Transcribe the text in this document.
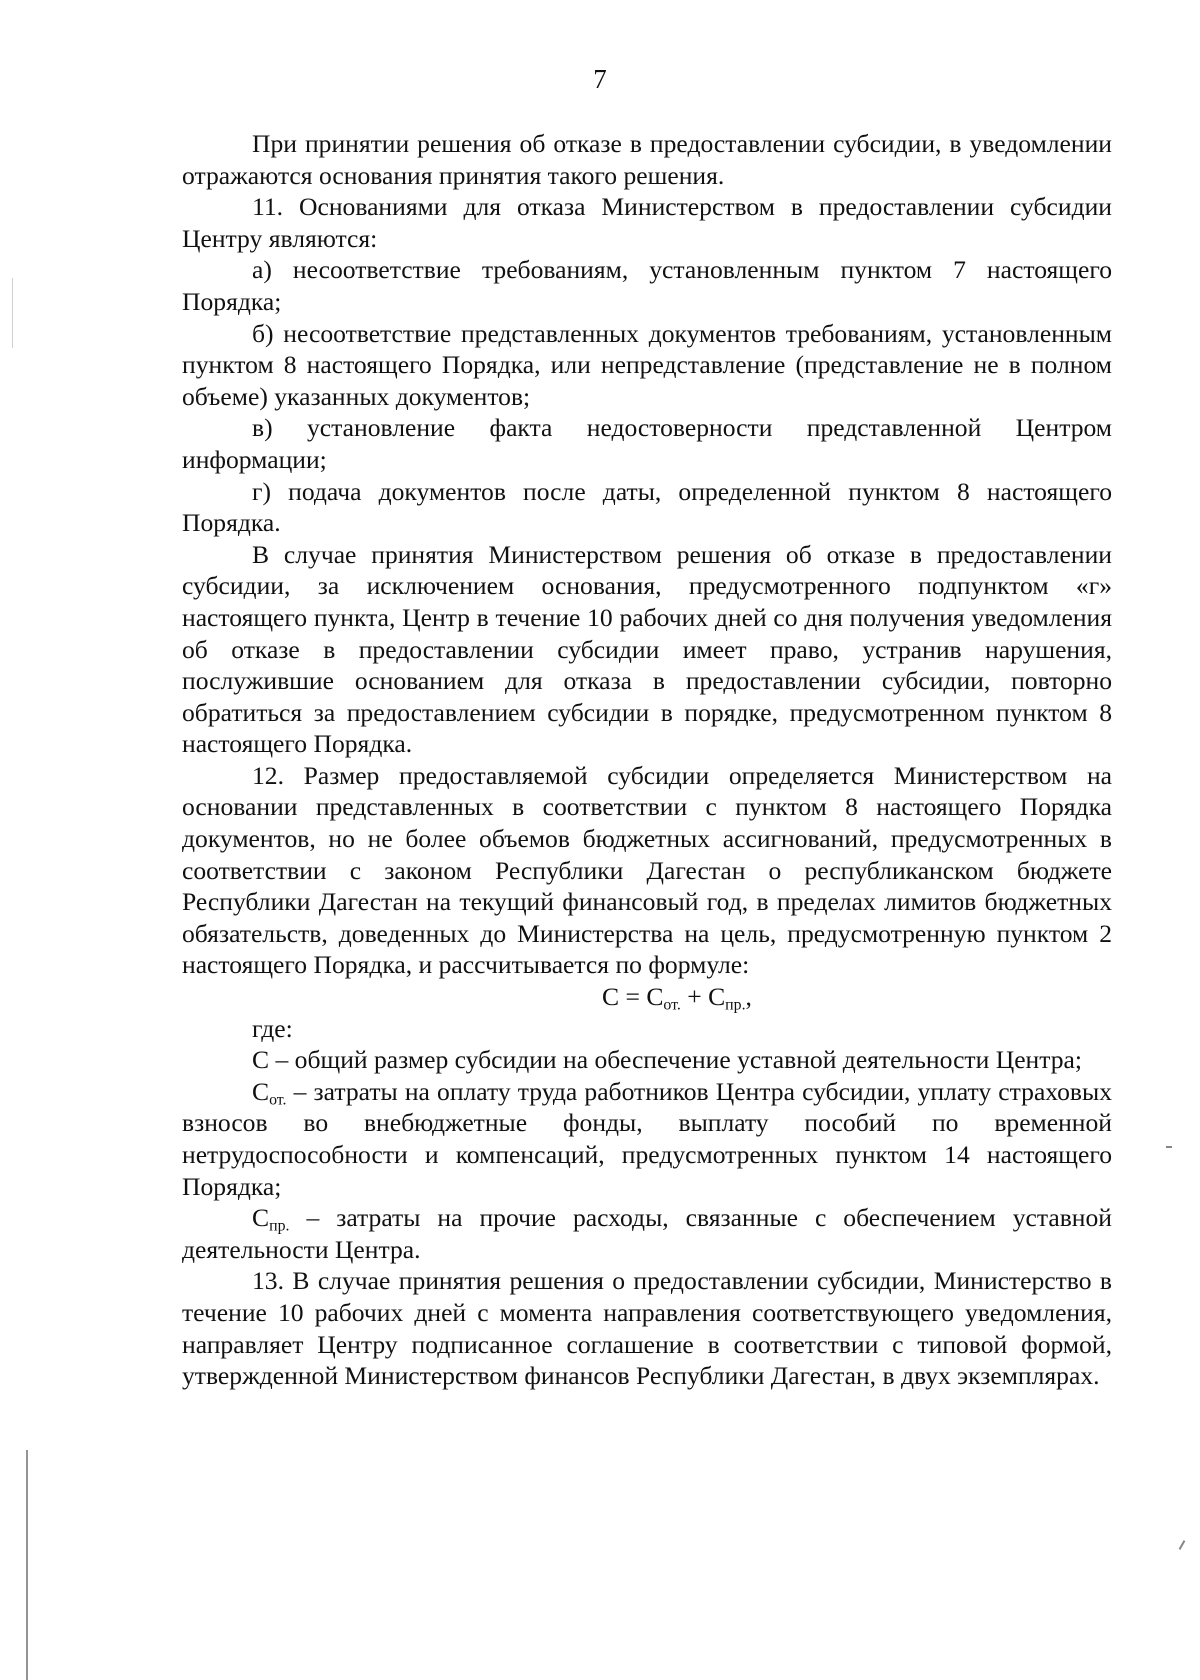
7

При принятии решения об отказе в предоставлении субсидии, в уведомлении отражаются основания принятия такого решения.

11. Основаниями для отказа Министерством в предоставлении субсидии Центру являются:

а) несоответствие требованиям, установленным пунктом 7 настоящего Порядка;

б) несоответствие представленных документов требованиям, установленным пунктом 8 настоящего Порядка, или непредставление (представление не в полном объеме) указанных документов;

в) установление факта недостоверности представленной Центром информации;

г) подача документов после даты, определенной пунктом 8 настоящего Порядка.

В случае принятия Министерством решения об отказе в предоставлении субсидии, за исключением основания, предусмотренного подпунктом «г» настоящего пункта, Центр в течение 10 рабочих дней со дня получения уведомления об отказе в предоставлении субсидии имеет право, устранив нарушения, послужившие основанием для отказа в предоставлении субсидии, повторно обратиться за предоставлением субсидии в порядке, предусмотренном пунктом 8 настоящего Порядка.

12. Размер предоставляемой субсидии определяется Министерством на основании представленных в соответствии с пунктом 8 настоящего Порядка документов, но не более объемов бюджетных ассигнований, предусмотренных в соответствии с законом Республики Дагестан о республиканском бюджете Республики Дагестан на текущий финансовый год, в пределах лимитов бюджетных обязательств, доведенных до Министерства на цель, предусмотренную пунктом 2 настоящего Порядка, и рассчитывается по формуле:

$С = С_{от.} + С_{пр.}$,

где:

С – общий размер субсидии на обеспечение уставной деятельности Центра;

$С_{от.}$ – затраты на оплату труда работников Центра субсидии, уплату страховых взносов во внебюджетные фонды, выплату пособий по временной нетрудоспособности и компенсаций, предусмотренных пунктом 14 настоящего Порядка;

$С_{пр.}$ – затраты на прочие расходы, связанные с обеспечением уставной деятельности Центра.

13. В случае принятия решения о предоставлении субсидии, Министерство в течение 10 рабочих дней с момента направления соответствующего уведомления, направляет Центру подписанное соглашение в соответствии с типовой формой, утвержденной Министерством финансов Республики Дагестан, в двух экземплярах.
